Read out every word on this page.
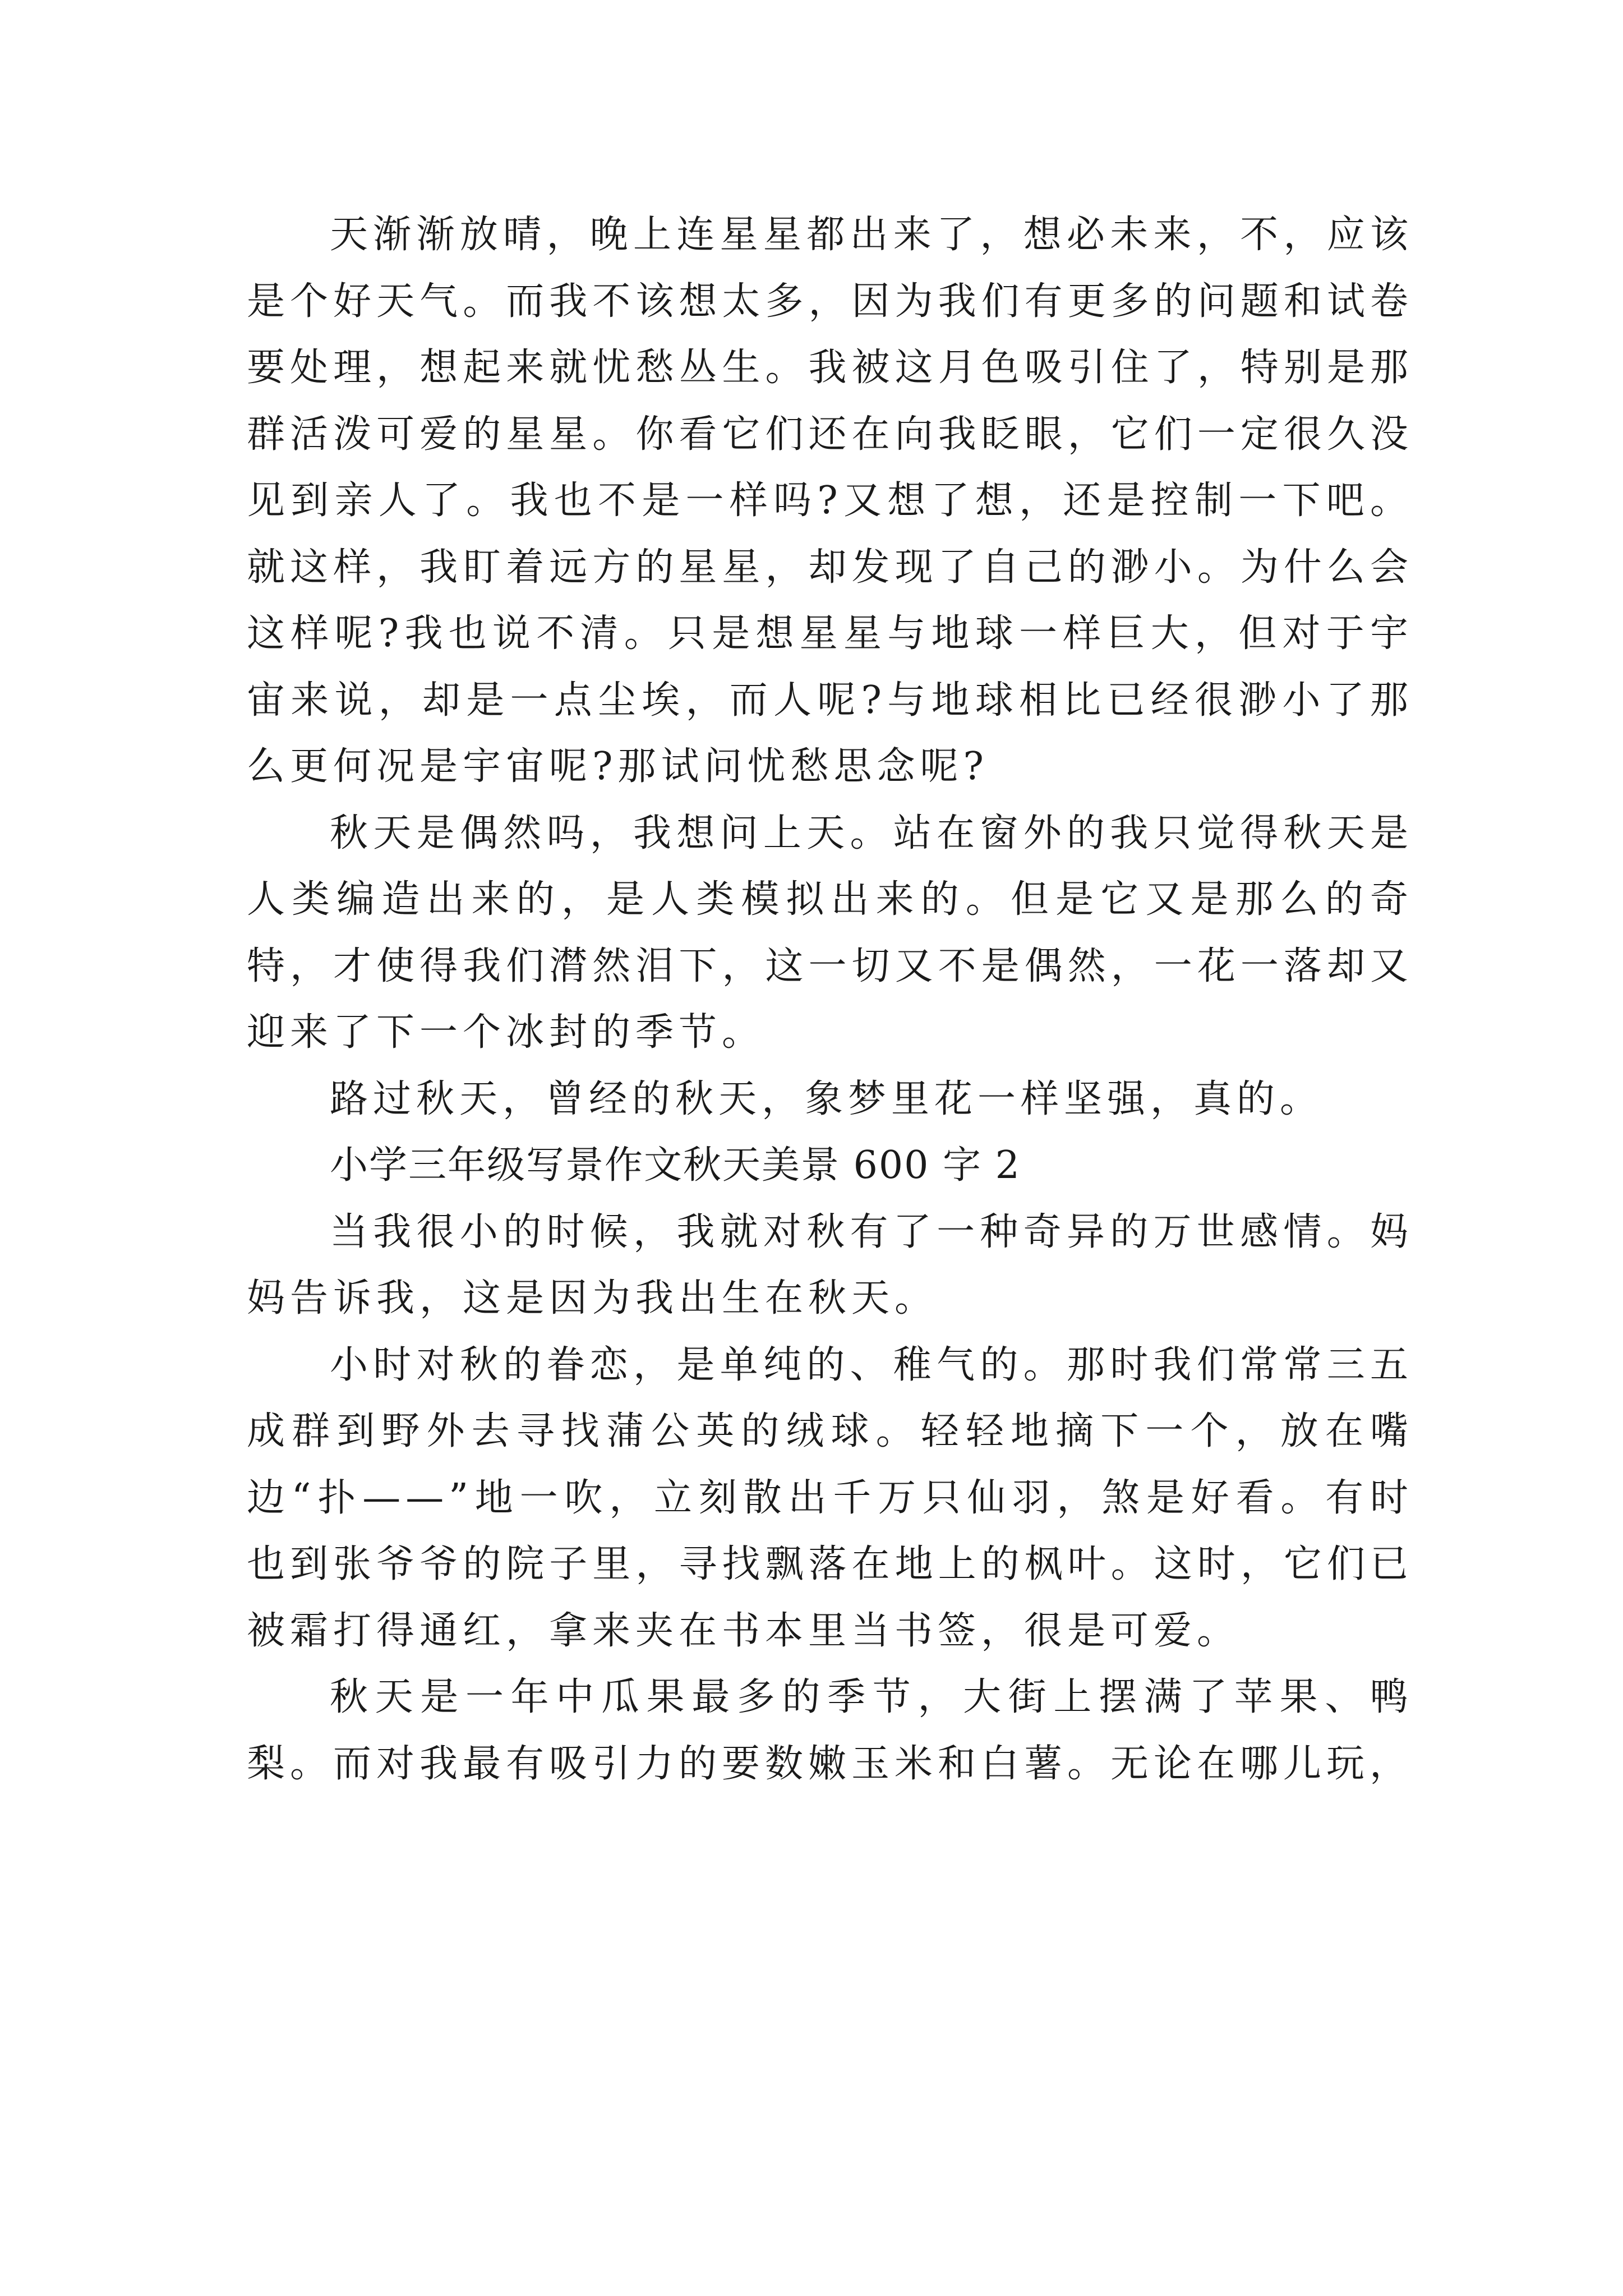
天渐渐放晴，晚上连星星都出来了，想必未来，不，应该是个好天气。而我不该想太多，因为我们有更多的问题和试卷要处理，想起来就忧愁丛生。我被这月色吸引住了，特别是那群活泼可爱的星星。你看它们还在向我眨眼，它们一定很久没见到亲人了。我也不是一样吗?又想了想，还是控制一下吧。就这样，我盯着远方的星星，却发现了自己的渺小。为什么会这样呢?我也说不清。只是想星星与地球一样巨大，但对于宇宙来说，却是一点尘埃，而人呢?与地球相比已经很渺小了那么更何况是宇宙呢?那试问忧愁思念呢?

秋天是偶然吗，我想问上天。站在窗外的我只觉得秋天是人类编造出来的，是人类模拟出来的。但是它又是那么的奇特，才使得我们潸然泪下，这一切又不是偶然，一花一落却又迎来了下一个冰封的季节。

路过秋天，曾经的秋天，象梦里花一样坚强，真的。

小学三年级写景作文秋天美景 600 字 2

当我很小的时候，我就对秋有了一种奇异的万世感情。妈妈告诉我，这是因为我出生在秋天。

小时对秋的眷恋，是单纯的、稚气的。那时我们常常三五成群到野外去寻找蒲公英的绒球。轻轻地摘下一个，放在嘴边“扑——”地一吹，立刻散出千万只仙羽，煞是好看。有时也到张爷爷的院子里，寻找飘落在地上的枫叶。这时，它们已被霜打得通红，拿来夹在书本里当书签，很是可爱。

秋天是一年中瓜果最多的季节，大街上摆满了苹果、鸭梨。而对我最有吸引力的要数嫩玉米和白薯。无论在哪儿玩，
